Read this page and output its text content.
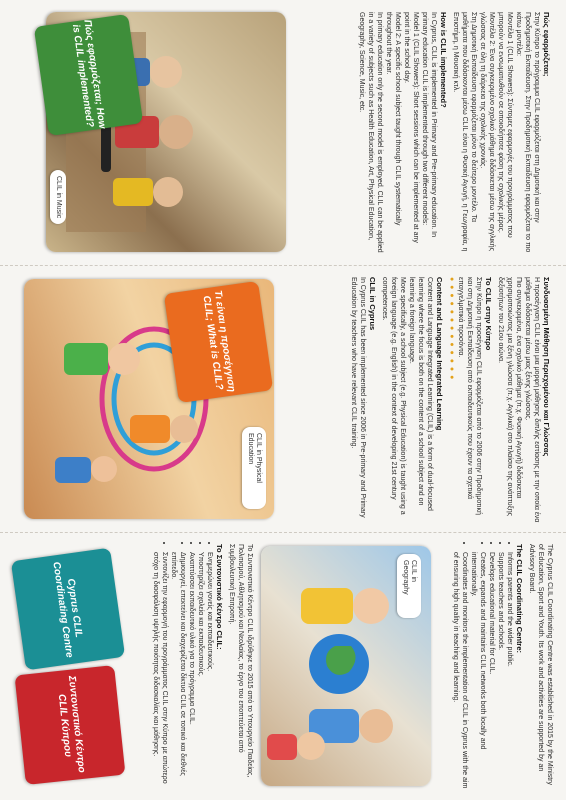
Πώς εφαρμόζεται; How is CLIL implemented?
CLIL in Music
Πώς εφαρμόζεται;
Στην Κύπρο το πρόγραμμα CLIL εφαρμόζεται στη Δημοτική και στην Προδημοτική Εκπαίδευση. Στην Προδημοτική Εκπαίδευση εφαρμόζεται το πιο κάτω μοντέλο:
Μοντέλο 1 (CLIL Showers): Σύντομες εφαρμογές του προγράμματος που μπορούν να ενσωματωθούν σε οποιοδήποτε φάση της σχολικής μέρας.
Μοντέλο 2: Ένα συγκεκριμένο σχολικό μάθημα διδάσκεται μέσω της αγγλικής γλώσσας σε όλη τη διάρκεια της σχολικής χρονιάς.
Στη Δημοτική Εκπαίδευση εφαρμόζεται μόνο το δεύτερο μοντέλο. Τα μαθήματα που διδάσκονται μέσω CLIL είναι η Φυσική Αγωγή, η Γεωγραφία, η Επιστήμη, η Μουσική κτλ.
How is CLIL implemented?
In Cyprus, CLIL is implemented in Primary and Pre-primary education. In primary education CLIL is implemented through two different models:
Model 1 (CLIL Showers): Short sessions which can be implemented at any point in the school day.
Model 2: A specific school subject taught through CLIL systematically throughout the year.
In primary education only the second model is employed. CLIL can be applied in a variety of subjects such as Health Education, Art, Physical Education, Geography, Science, Music, etc.
Συνδυασμένη Μάθηση Περιεχομένου και Γλώσσας
Η προσέγγιση CLIL είναι μια μορφή μάθησης διπλής εστίασης με την οποία ένα μάθημα διδάσκεται μέσω μιας ξένης γλώσσας.
Πιο συγκεκριμένα, ένα σχολικό μάθημα (π.χ. Φυσική Αγωγή) διδάσκεται χρησιμοποιώντας μια ξένη γλώσσα (π.χ. Αγγλικά) στο πλαίσιο της ανάπτυξης δεξιοτήτων του 21ου αιώνα.
Το CLIL στην Κύπρο
Στην Κύπρο η προσέγγιση CLIL εφαρμόζεται από το 2006 στην Προδημοτική και στη Δημοτική Εκπαίδευση από εκπαιδευτικούς που έχουν τα σχετικά επαγγελματικά προσόντα.
● ● ● ● ● ● ● ● ● ● ● ● ●
Content and Language Integrated Learning
Content and Language Integrated Learning (CLIL) is a form of dual-focused learning where the focus is both on the content of a school subject and on learning a foreign language.
More specifically, a school subject (e.g. Physical Education) is taught using a foreign language (e.g. English) in the context of developing 21st century competences.
CLIL in Cyprus
In Cyprus CLIL has been implemented since 2006 in Pre-primary and Primary Education by teachers who have relevant CLIL training.
Τι είναι η προσέγγιση CLIL; What is CLIL?
CLIL in Physical Education
The Cyprus CLIL Coordinating Centre was established in 2015 by the Ministry of Education, Sport and Youth. Its work and activities are supported by an Advisory Board.
The CLIL Coordinating Centre:
• Informs parents and the wider public.
• Supports teachers and schools.
• Develops educational material for CLIL.
• Creates, expands and maintains CLIL networks both locally and internationally.
• Coordinates and monitors the implementation of CLIL in Cyprus with the aim of ensuring high quality in teaching and learning.
CLIL in Geography
Το Συντονιστικό Κέντρο CLIL ιδρύθηκε το 2015 από το Υπουργείο Παιδείας, Πολιτισμού, Αθλητισμού και Νεολαίας, το έργο του εποπτεύεται από Συμβουλευτική Επιτροπή.
Το Συντονιστικό Κέντρο CLIL:
• Ενημερώνει γονείς και εκπαιδευτικούς.
• Υποστηρίζει σχολεία και εκπαιδευτικούς.
• Αναπτύσσει εκπαιδευτικό υλικό για το πρόγραμμα CLIL.
• Δημιουργεί, επεκτείνει και διαχειρίζεται δίκτυα CLIL σε τοπικό και διεθνές επίπεδο.
• Συντονίζει την εφαρμογή του προγράμματος CLIL στην Κύπρο με απώτερο στόχο τη διασφάλιση υψηλής ποιότητας διδασκαλίας και μάθησης.
Cyprus CLIL Coordinating Centre
Συντονιστικό Κέντρο CLIL Κύπρου
